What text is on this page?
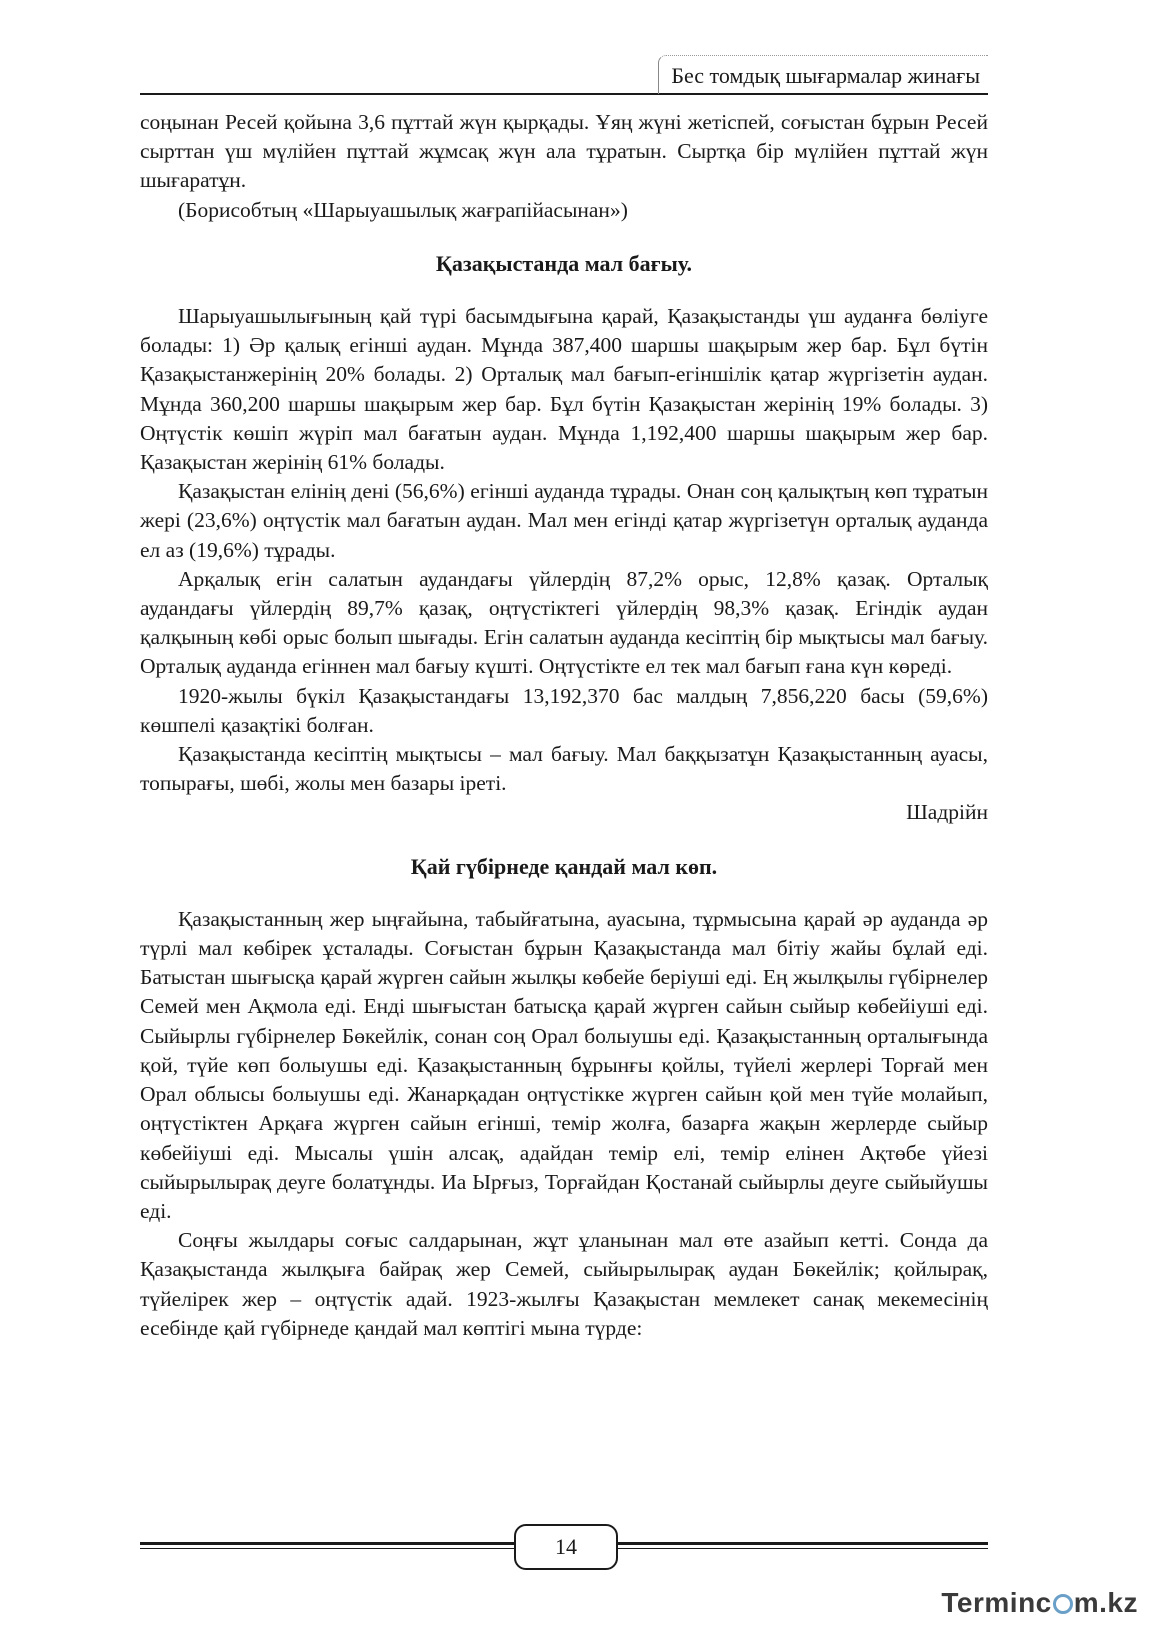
Бес томдық шығармалар жинағы

соңынан Ресей қойына 3,6 пұттай жүн қырқады. Ұяң жүні жетіспей, соғыстан бұрын Ресей сырттан үш мүлійен пұттай жұмсақ жүн ала тұратын. Сыртқа бір мүлійен пұттай жүн шығаратұн.

(Борисобтың «Шарыуашылық жағрапійасынан»)

Қазақыстанда мал бағыу.

Шарыуашылығының қай түрі басымдығына қарай, Қазақыстанды үш ауданға бөліуге болады: 1) Әр қалық егінші аудан. Мұнда 387,400 шаршы шақырым жер бар. Бұл бүтін Қазақыстанжерінің 20% болады. 2) Орталық мал бағып-егіншілік қатар жүргізетін аудан. Мұнда 360,200 шаршы шақырым жер бар. Бұл бүтін Қазақыстан жерінің 19% болады. 3) Оңтүстік көшіп жүріп мал бағатын аудан. Мұнда 1,192,400 шаршы шақырым жер бар. Қазақыстан жерінің 61% болады.

Қазақыстан елінің дені (56,6%) егінші ауданда тұрады. Онан соң қалықтың көп тұратын жері (23,6%) оңтүстік мал бағатын аудан. Мал мен егінді қатар жүргізетүн орталық ауданда ел аз (19,6%) тұрады.

Арқалық егін салатын аудандағы үйлердің 87,2% орыс, 12,8% қазақ. Орталық аудандағы үйлердің 89,7% қазақ, оңтүстіктегі үйлердің 98,3% қазақ. Егіндік аудан қалқының көбі орыс болып шығады. Егін салатын ауданда кесіптің бір мықтысы мал бағыу. Орталық ауданда егіннен мал бағыу күшті. Оңтүстікте ел тек мал бағып ғана күн көреді.

1920-жылы бүкіл Қазақыстандағы 13,192,370 бас малдың 7,856,220 басы (59,6%) көшпелі қазақтікі болған.

Қазақыстанда кесіптің мықтысы – мал бағыу. Мал баққызатұн Қазақыстанның ауасы, топырағы, шөбі, жолы мен базары іреті.

Шадрійн

Қай гүбірнеде қандай мал көп.

Қазақыстанның жер ыңғайына, табыйғатына, ауасына, тұрмысына қарай әр ауданда әр түрлі мал көбірек ұсталады. Соғыстан бұрын Қазақыстанда мал бітіу жайы бұлай еді. Батыстан шығысқа қарай жүрген сайын жылқы көбейе беріуші еді. Ең жылқылы гүбірнелер Семей мен Ақмола еді. Енді шығыстан батысқа қарай жүрген сайын сыйыр көбейіуші еді. Сыйырлы гүбірнелер Бөкейлік, сонан соң Орал болыушы еді. Қазақыстанның орталығында қой, түйе көп болыушы еді. Қазақыстанның бұрынғы қойлы, түйелі жерлері Торғай мен Орал облысы болыушы еді. Жанарқадан оңтүстікке жүрген сайын қой мен түйе молайып, оңтүстіктен Арқаға жүрген сайын егінші, темір жолға, базарға жақын жерлерде сыйыр көбейіуші еді. Мысалы үшін алсақ, адайдан темір елі, темір елінен Ақтөбе үйезі сыйырылырақ деуге болатұнды. Иа Ырғыз, Торғайдан Қостанай сыйырлы деуге сыйыйушы еді.

Соңғы жылдары соғыс салдарынан, жұт ұланынан мал өте азайып кетті. Сонда да Қазақыстанда жылқыға байрақ жер Семей, сыйырылырақ аудан Бөкейлік; қойлырақ, түйелірек жер – оңтүстік адай. 1923-жылғы Қазақыстан мемлекет санақ мекемесінің есебінде қай гүбірнеде қандай мал көптігі мына түрде:

14
Terminc m.kz
